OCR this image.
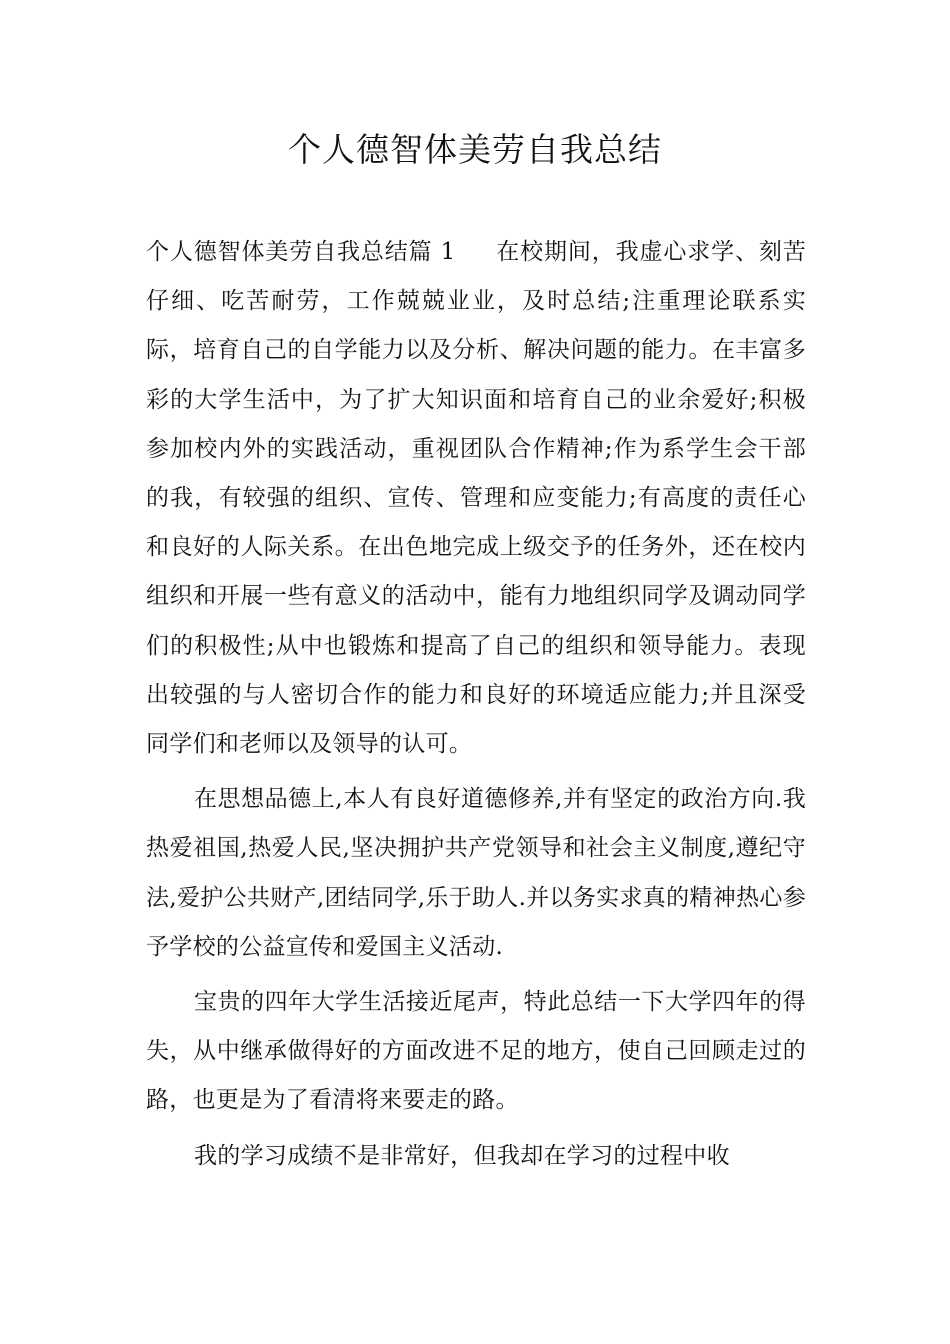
个人德智体美劳自我总结

个人德智体美劳自我总结篇 1 在校期间，我虚心求学、刻苦仔细、吃苦耐劳，工作兢兢业业，及时总结;注重理论联系实际，培育自己的自学能力以及分析、解决问题的能力。在丰富多彩的大学生活中，为了扩大知识面和培育自己的业余爱好;积极参加校内外的实践活动，重视团队合作精神;作为系学生会干部的我，有较强的组织、宣传、管理和应变能力;有高度的责任心和良好的人际关系。在出色地完成上级交予的任务外，还在校内组织和开展一些有意义的活动中，能有力地组织同学及调动同学们的积极性;从中也锻炼和提高了自己的组织和领导能力。表现出较强的与人密切合作的能力和良好的环境适应能力;并且深受同学们和老师以及领导的认可。

在思想品德上,本人有良好道德修养,并有坚定的政治方向.我热爱祖国,热爱人民,坚决拥护共产党领导和社会主义制度,遵纪守法,爱护公共财产,团结同学,乐于助人.并以务实求真的精神热心参予学校的公益宣传和爱国主义活动.

宝贵的四年大学生活接近尾声，特此总结一下大学四年的得失，从中继承做得好的方面改进不足的地方，使自己回顾走过的路，也更是为了看清将来要走的路。

我的学习成绩不是非常好，但我却在学习的过程中收
